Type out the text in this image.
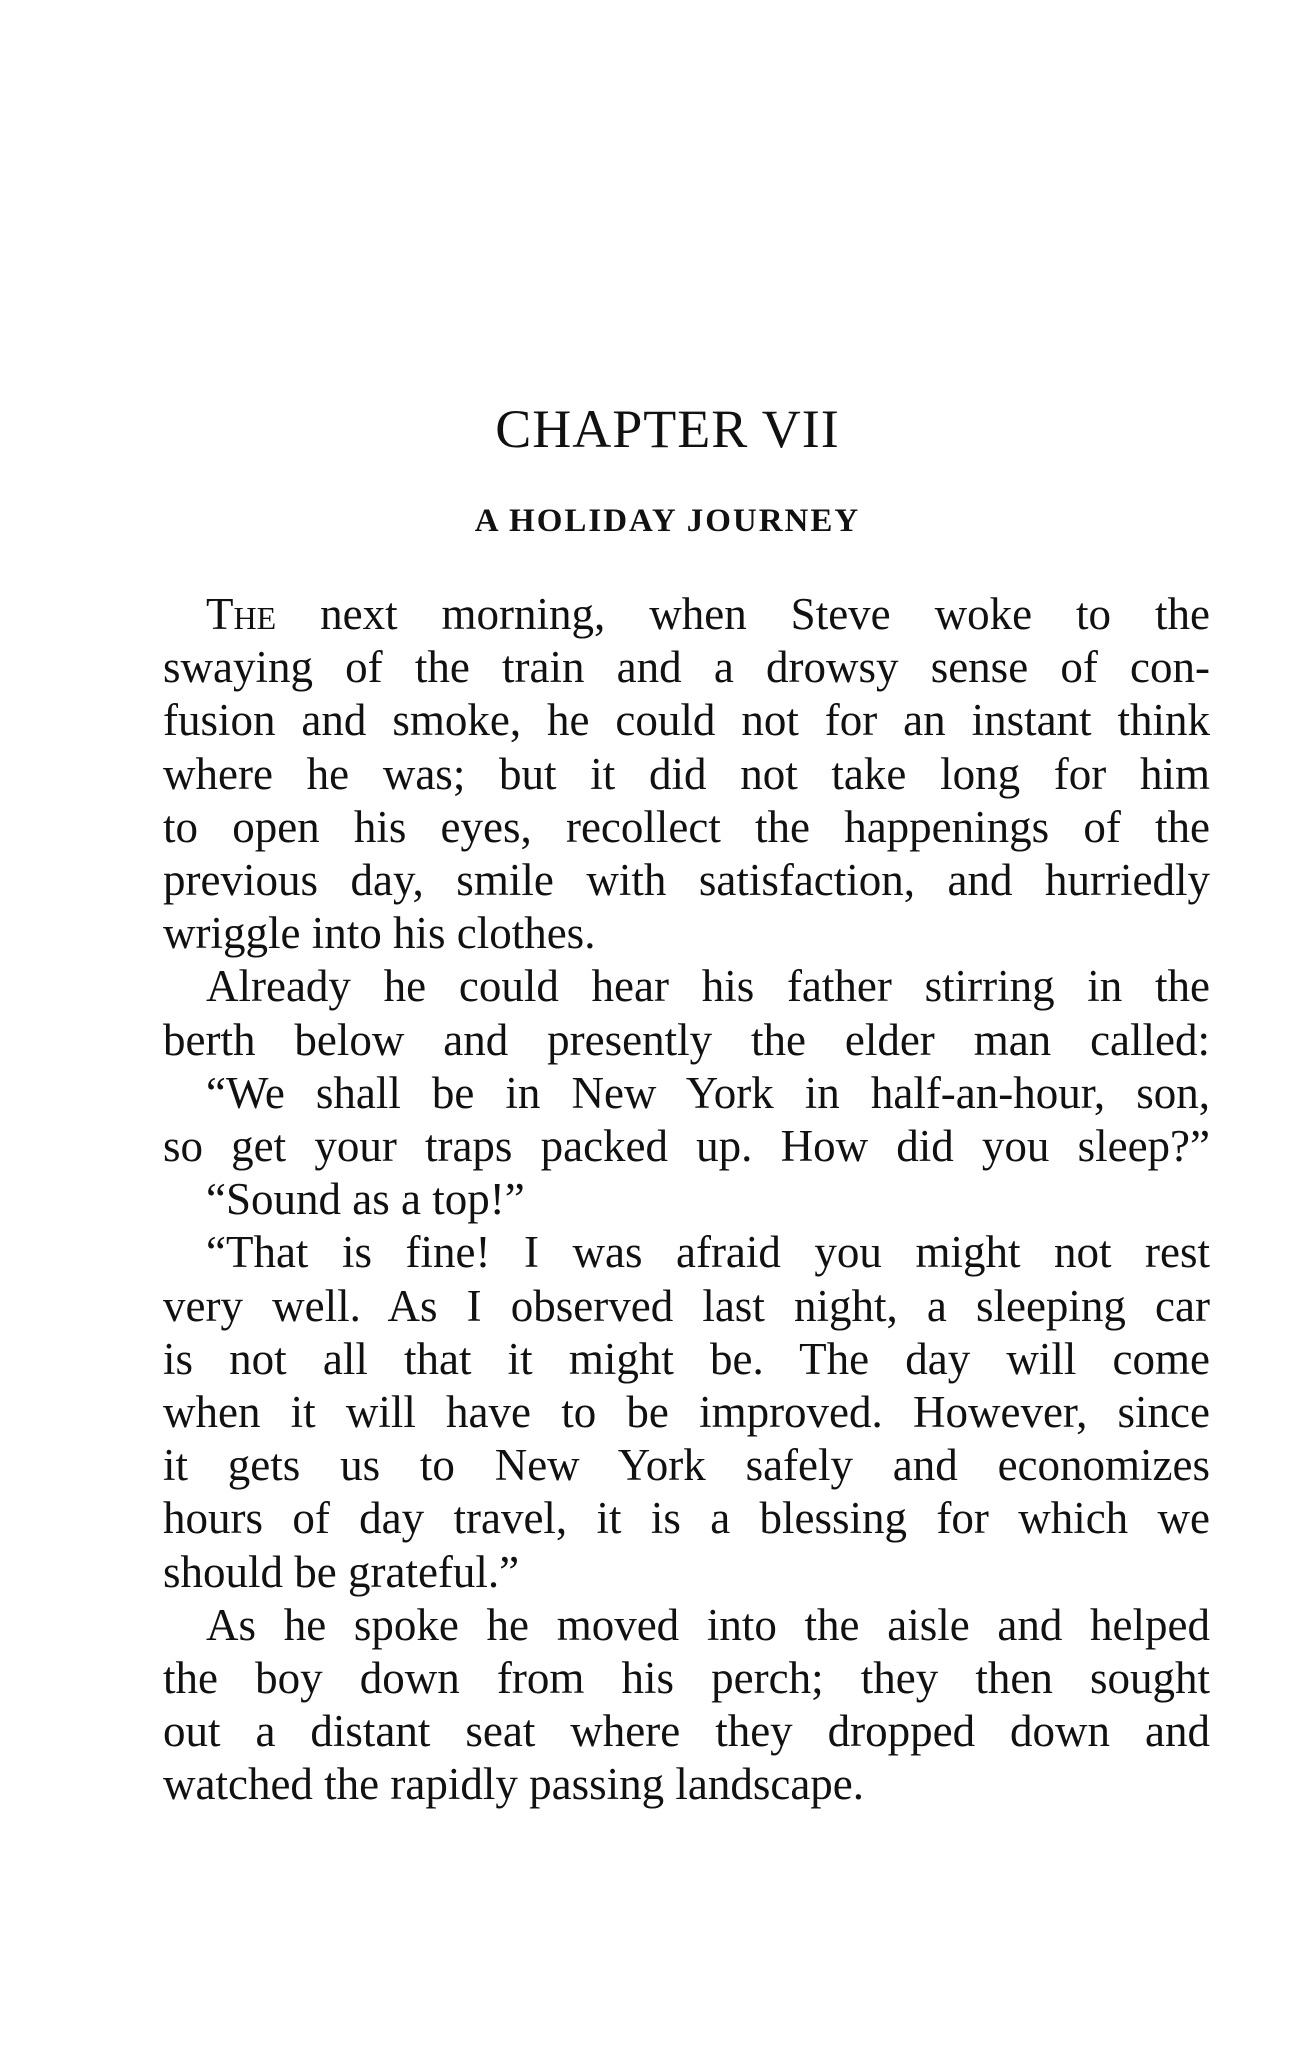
CHAPTER VII
A HOLIDAY JOURNEY
The next morning, when Steve woke to the
swaying of the train and a drowsy sense of con-
fusion and smoke, he could not for an instant think
where he was; but it did not take long for him
to open his eyes, recollect the happenings of the
previous day, smile with satisfaction, and hurriedly
wriggle into his clothes.
Already he could hear his father stirring in the
berth below and presently the elder man called:
“We shall be in New York in half-an-hour, son,
so get your traps packed up. How did you sleep?”
“Sound as a top!”
“That is fine! I was afraid you might not rest
very well. As I observed last night, a sleeping car
is not all that it might be. The day will come
when it will have to be improved. However, since
it gets us to New York safely and economizes
hours of day travel, it is a blessing for which we
should be grateful.”
As he spoke he moved into the aisle and helped
the boy down from his perch; they then sought
out a distant seat where they dropped down and
watched the rapidly passing landscape.
